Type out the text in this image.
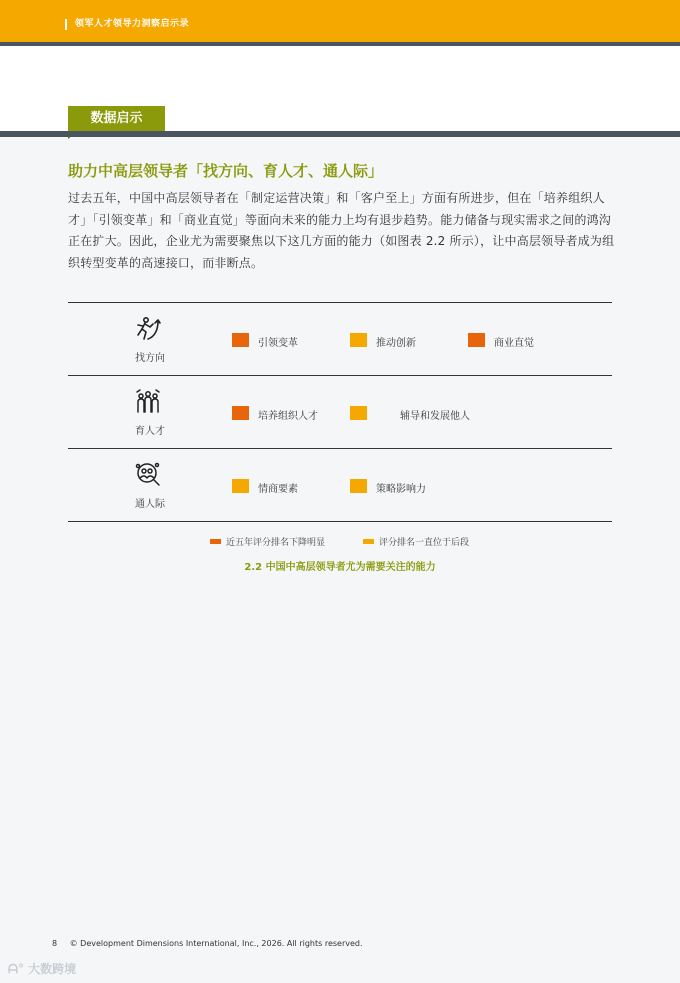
领军人才领导力洞察启示录
数据启示
助力中高层领导者「找方向、育人才、通人际」

过去五年，中国中高层领导者在「制定运营决策」和「客户至上」方面有所进步，但在「培养组织人才」「引领变革」和「商业直觉」等面向未来的能力上均有退步趋势。能力储备与现实需求之间的鸿沟正在扩大。因此，企业尤为需要聚焦以下这几方面的能力（如图表 2.2 所示），让中高层领导者成为组织转型变革的高速接口，而非断点。

找方向
引领变革	推动创新	商业直觉
育人才
培养组织人才	辅导和发展他人
通人际
情商要素	策略影响力
近五年评分排名下降明显	评分排名一直位于后段
2.2 中国中高层领导者尤为需要关注的能力
8 © Development Dimensions International, Inc., 2026. All rights reserved.
ᗩ° 大数跨境
